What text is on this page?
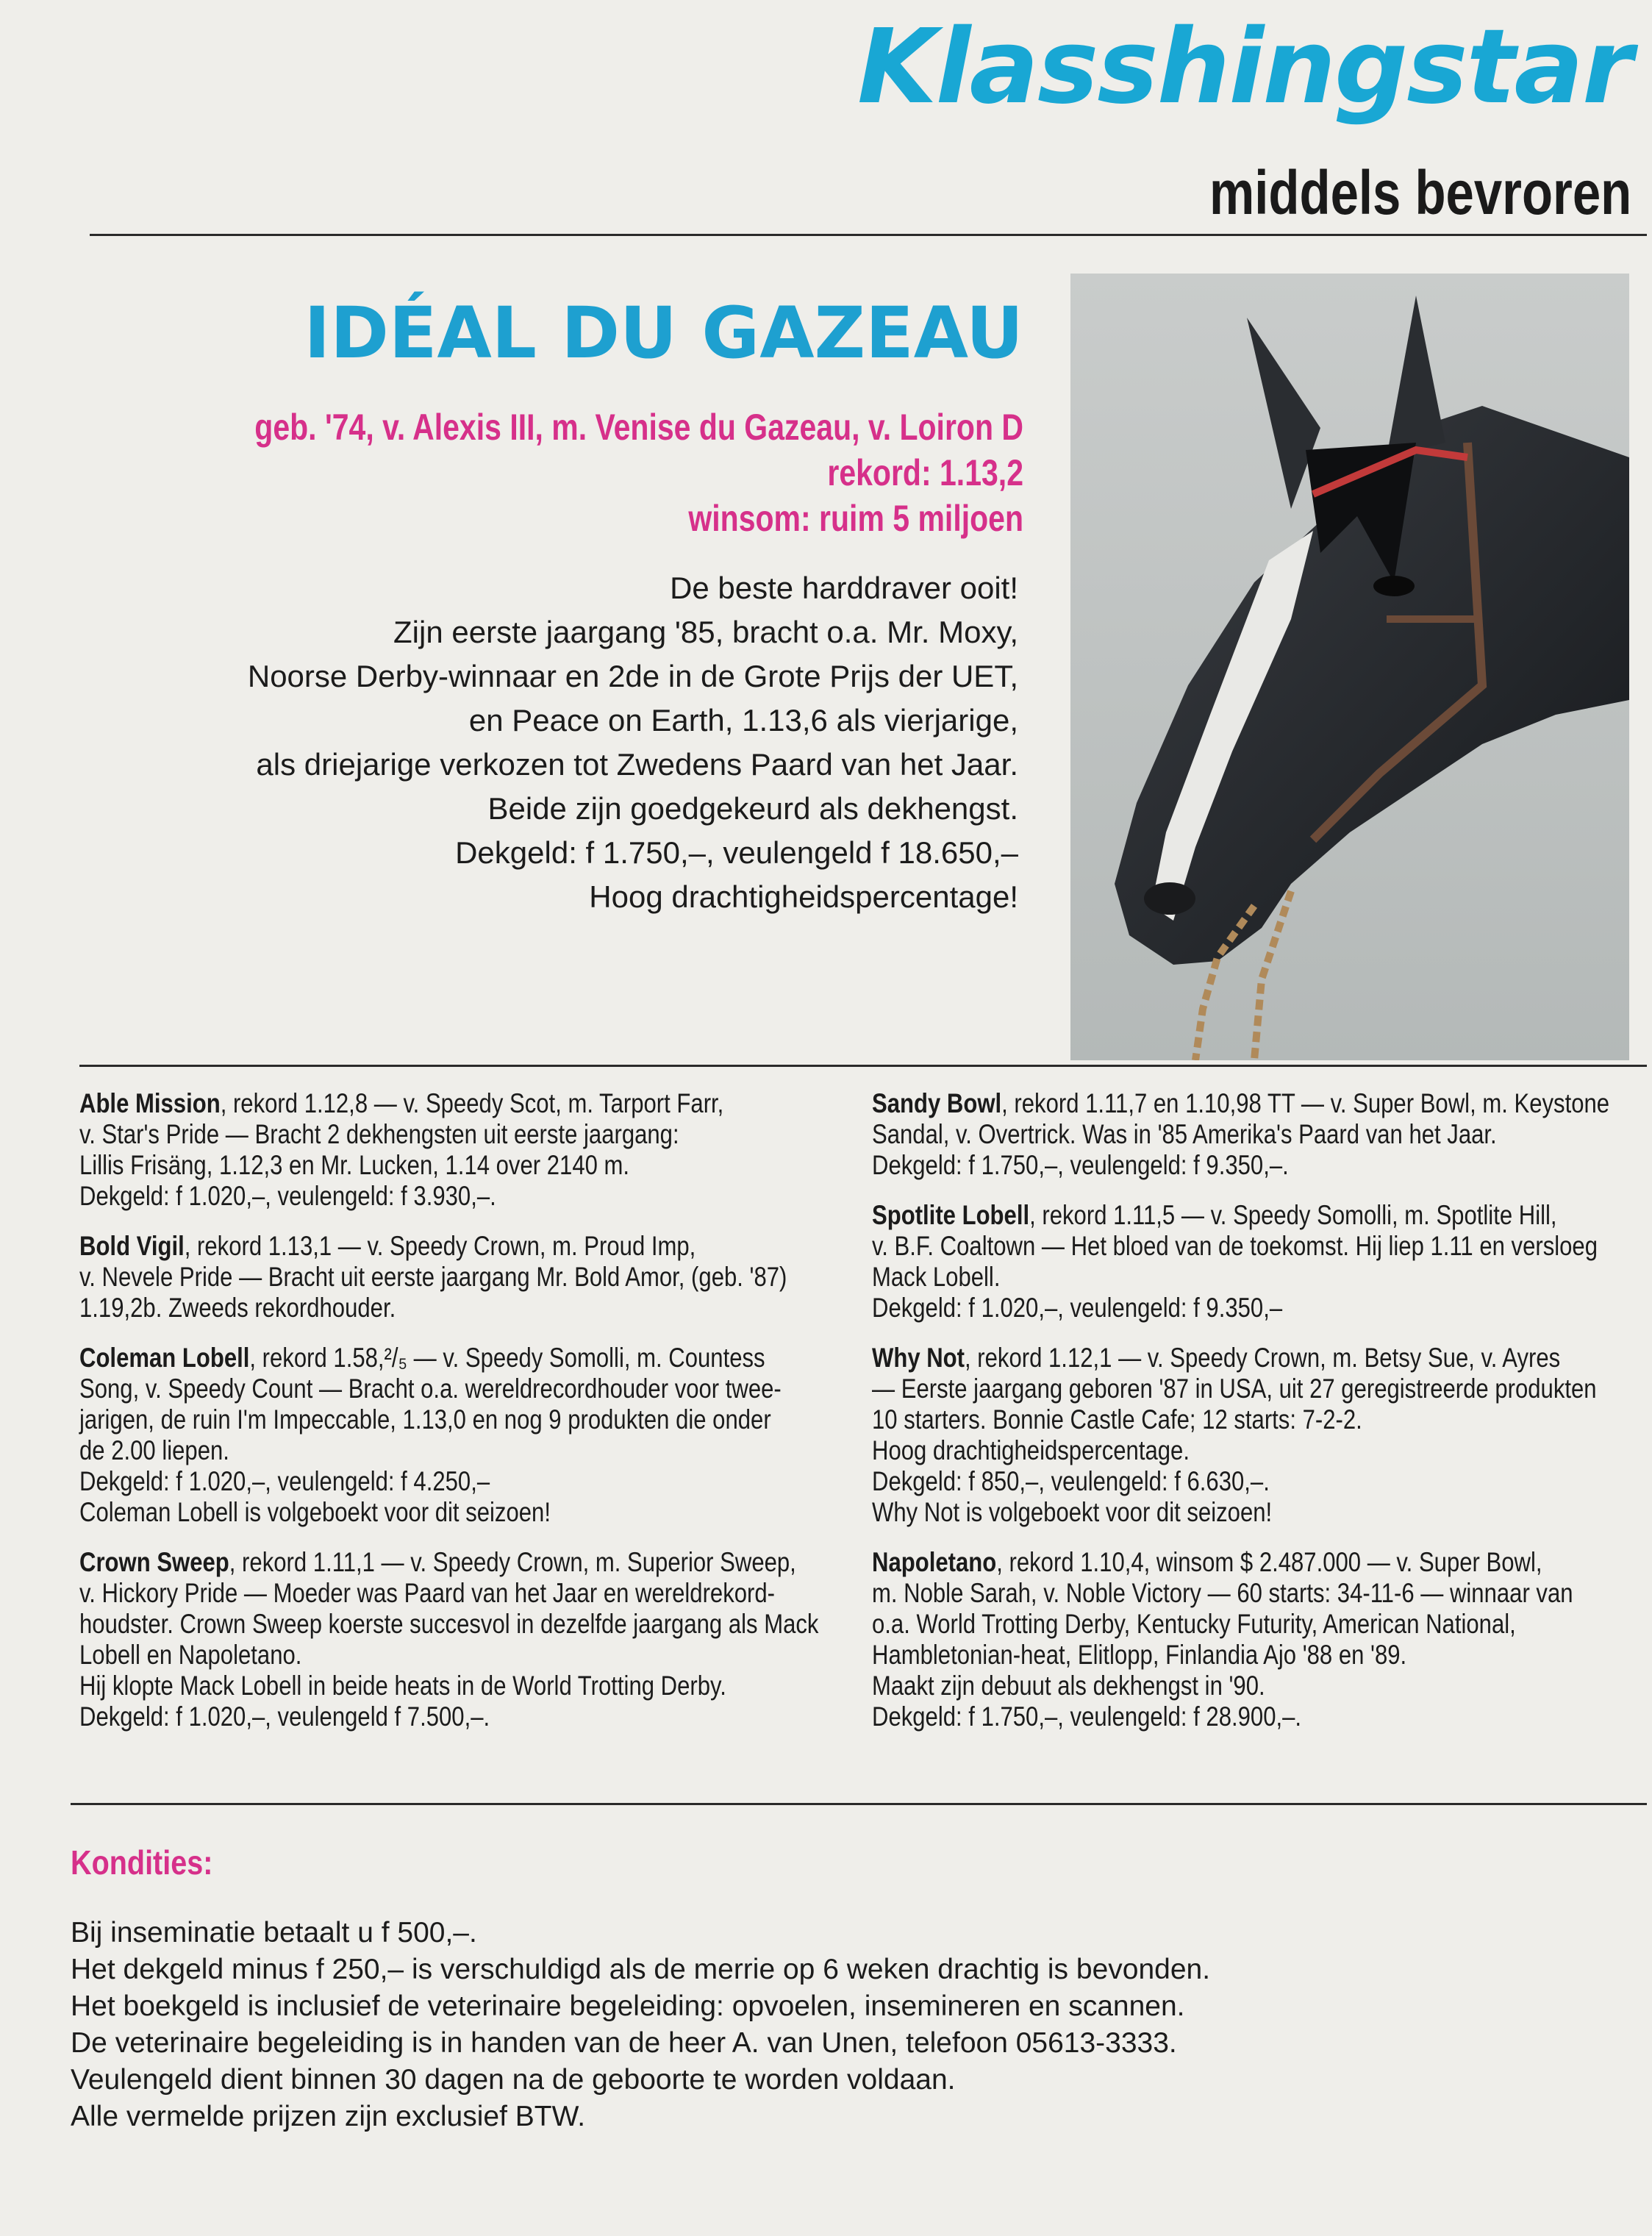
Klasshingstar
middels bevroren
IDÉAL DU GAZEAU
geb. '74, v. Alexis III, m. Venise du Gazeau, v. Loiron D
rekord: 1.13,2
winsom: ruim 5 miljoen
De beste harddraver ooit!
Zijn eerste jaargang '85, bracht o.a. Mr. Moxy,
Noorse Derby-winnaar en 2de in de Grote Prijs der UET,
en Peace on Earth, 1.13,6 als vierjarige,
als driejarige verkozen tot Zwedens Paard van het Jaar.
Beide zijn goedgekeurd als dekhengst.
Dekgeld: f 1.750,–, veulengeld f 18.650,–
Hoog drachtigheidspercentage!
Able Mission, rekord 1.12,8 — v. Speedy Scot, m. Tarport Farr,
v. Star's Pride — Bracht 2 dekhengsten uit eerste jaargang:
Lillis Frisäng, 1.12,3 en Mr. Lucken, 1.14 over 2140 m.
Dekgeld: f 1.020,–, veulengeld: f 3.930,–.
Bold Vigil, rekord 1.13,1 — v. Speedy Crown, m. Proud Imp,
v. Nevele Pride — Bracht uit eerste jaargang Mr. Bold Amor, (geb. '87)
1.19,2b. Zweeds rekordhouder.
Coleman Lobell, rekord 1.58,²/₅ — v. Speedy Somolli, m. Countess
Song, v. Speedy Count — Bracht o.a. wereldrecordhouder voor twee-
jarigen, de ruin I'm Impeccable, 1.13,0 en nog 9 produkten die onder
de 2.00 liepen.
Dekgeld: f 1.020,–, veulengeld: f 4.250,–
Coleman Lobell is volgeboekt voor dit seizoen!
Crown Sweep, rekord 1.11,1 — v. Speedy Crown, m. Superior Sweep,
v. Hickory Pride — Moeder was Paard van het Jaar en wereldrekord-
houdster. Crown Sweep koerste succesvol in dezelfde jaargang als Mack
Lobell en Napoletano.
Hij klopte Mack Lobell in beide heats in de World Trotting Derby.
Dekgeld: f 1.020,–, veulengeld f 7.500,–.
Sandy Bowl, rekord 1.11,7 en 1.10,98 TT — v. Super Bowl, m. Keystone
Sandal, v. Overtrick. Was in '85 Amerika's Paard van het Jaar.
Dekgeld: f 1.750,–, veulengeld: f 9.350,–.
Spotlite Lobell, rekord 1.11,5 — v. Speedy Somolli, m. Spotlite Hill,
v. B.F. Coaltown — Het bloed van de toekomst. Hij liep 1.11 en versloeg
Mack Lobell.
Dekgeld: f 1.020,–, veulengeld: f 9.350,–
Why Not, rekord 1.12,1 — v. Speedy Crown, m. Betsy Sue, v. Ayres
— Eerste jaargang geboren '87 in USA, uit 27 geregistreerde produkten
10 starters. Bonnie Castle Cafe; 12 starts: 7-2-2.
Hoog drachtigheidspercentage.
Dekgeld: f 850,–, veulengeld: f 6.630,–.
Why Not is volgeboekt voor dit seizoen!
Napoletano, rekord 1.10,4, winsom $ 2.487.000 — v. Super Bowl,
m. Noble Sarah, v. Noble Victory — 60 starts: 34-11-6 — winnaar van
o.a. World Trotting Derby, Kentucky Futurity, American National,
Hambletonian-heat, Elitlopp, Finlandia Ajo '88 en '89.
Maakt zijn debuut als dekhengst in '90.
Dekgeld: f 1.750,–, veulengeld: f 28.900,–.
Kondities:
Bij inseminatie betaalt u f 500,–.
Het dekgeld minus f 250,– is verschuldigd als de merrie op 6 weken drachtig is bevonden.
Het boekgeld is inclusief de veterinaire begeleiding: opvoelen, insemineren en scannen.
De veterinaire begeleiding is in handen van de heer A. van Unen, telefoon 05613-3333.
Veulengeld dient binnen 30 dagen na de geboorte te worden voldaan.
Alle vermelde prijzen zijn exclusief BTW.
